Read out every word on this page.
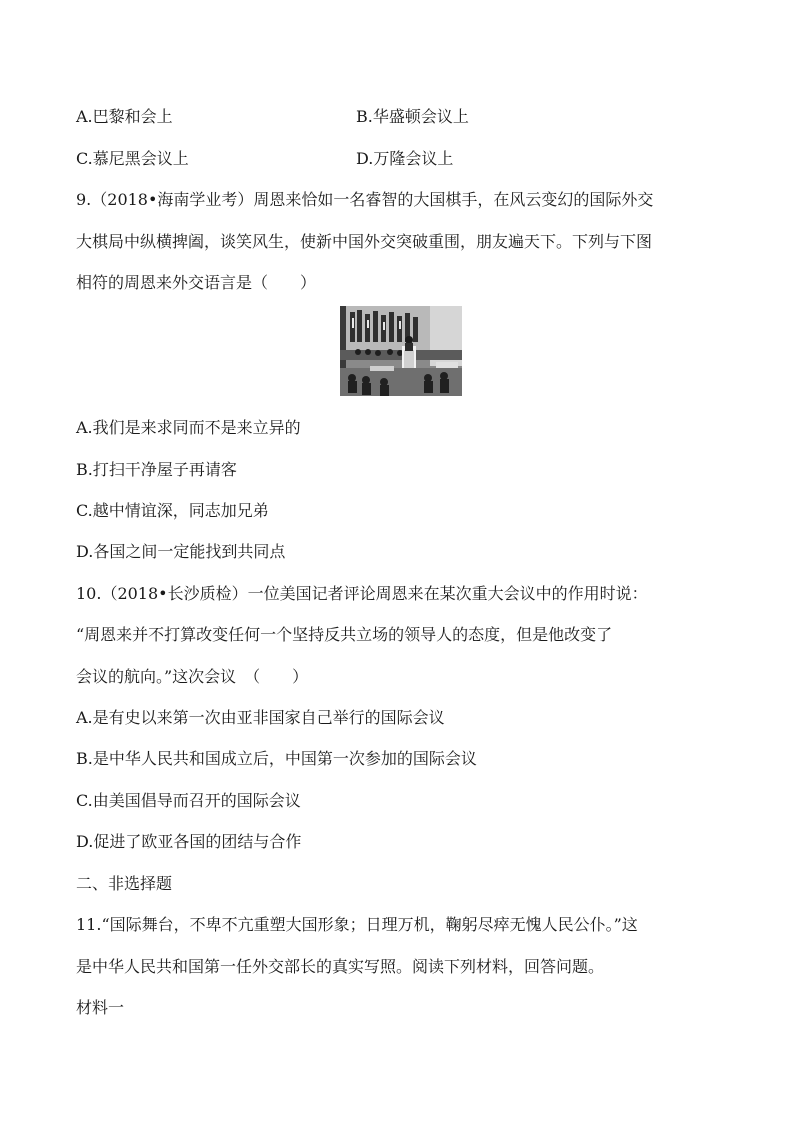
A.巴黎和会上	B.华盛顿会议上
C.慕尼黑会议上	D.万隆会议上
9.（2018•海南学业考）周恩来恰如一名睿智的大国棋手，在风云变幻的国际外交
大棋局中纵横捭阖，谈笑风生，使新中国外交突破重围，朋友遍天下。下列与下图
相符的周恩来外交语言是（　　）
A.我们是来求同而不是来立异的
B.打扫干净屋子再请客
C.越中情谊深，同志加兄弟
D.各国之间一定能找到共同点
10.（2018•长沙质检）一位美国记者评论周恩来在某次重大会议中的作用时说：
“周恩来并不打算改变任何一个坚持反共立场的领导人的态度，但是他改变了
会议的航向。”这次会议　（　　）
A.是有史以来第一次由亚非国家自己举行的国际会议
B.是中华人民共和国成立后，中国第一次参加的国际会议
C.由美国倡导而召开的国际会议
D.促进了欧亚各国的团结与合作
二、非选择题
11.“国际舞台，不卑不亢重塑大国形象；日理万机，鞠躬尽瘁无愧人民公仆。”这
是中华人民共和国第一任外交部长的真实写照。阅读下列材料，回答问题。
材料一
